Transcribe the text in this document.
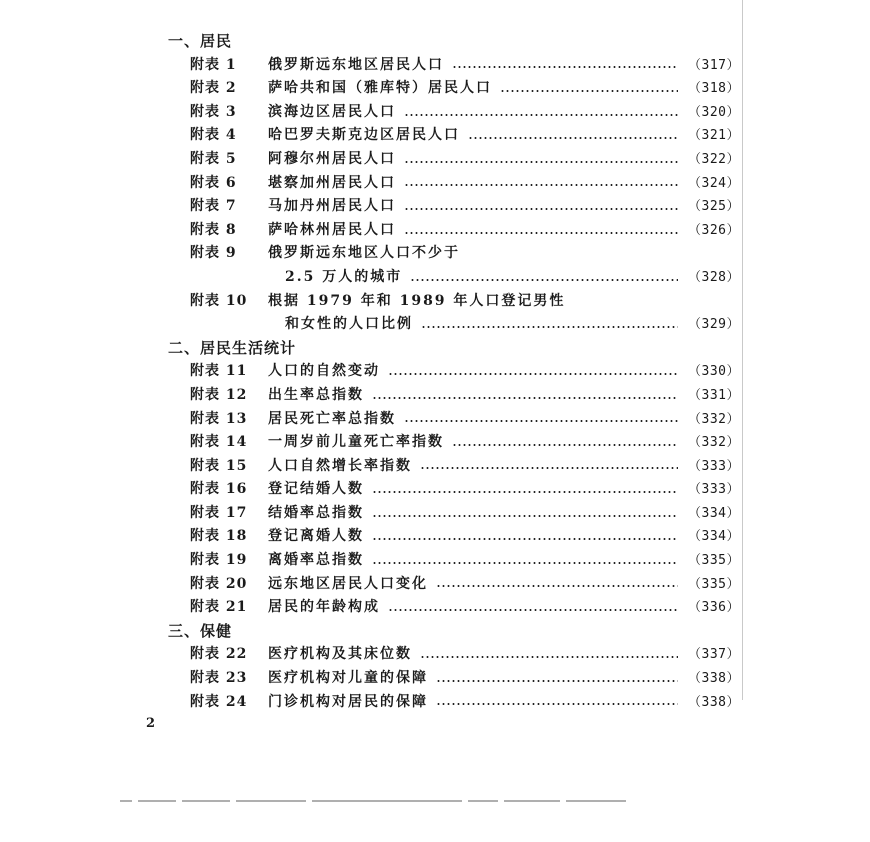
一、居民
附表 1 俄罗斯远东地区居民人口	（317）
附表 2 萨哈共和国（雅库特）居民人口	（318）
附表 3 滨海边区居民人口	（320）
附表 4 哈巴罗夫斯克边区居民人口	（321）
附表 5 阿穆尔州居民人口	（322）
附表 6 堪察加州居民人口	（324）
附表 7 马加丹州居民人口	（325）
附表 8 萨哈林州居民人口	（326）
附表 9 俄罗斯远东地区人口不少于
2.5 万人的城市	（328）
附表 10 根据 1979 年和 1989 年人口登记男性
和女性的人口比例	（329）
二、居民生活统计
附表 11 人口的自然变动	（330）
附表 12 出生率总指数	（331）
附表 13 居民死亡率总指数	（332）
附表 14 一周岁前儿童死亡率指数	（332）
附表 15 人口自然增长率指数	（333）
附表 16 登记结婚人数	（333）
附表 17 结婚率总指数	（334）
附表 18 登记离婚人数	（334）
附表 19 离婚率总指数	（335）
附表 20 远东地区居民人口变化	（335）
附表 21 居民的年龄构成	（336）
三、保健
附表 22 医疗机构及其床位数	（337）
附表 23 医疗机构对儿童的保障	（338）
附表 24 门诊机构对居民的保障	（338）
2
